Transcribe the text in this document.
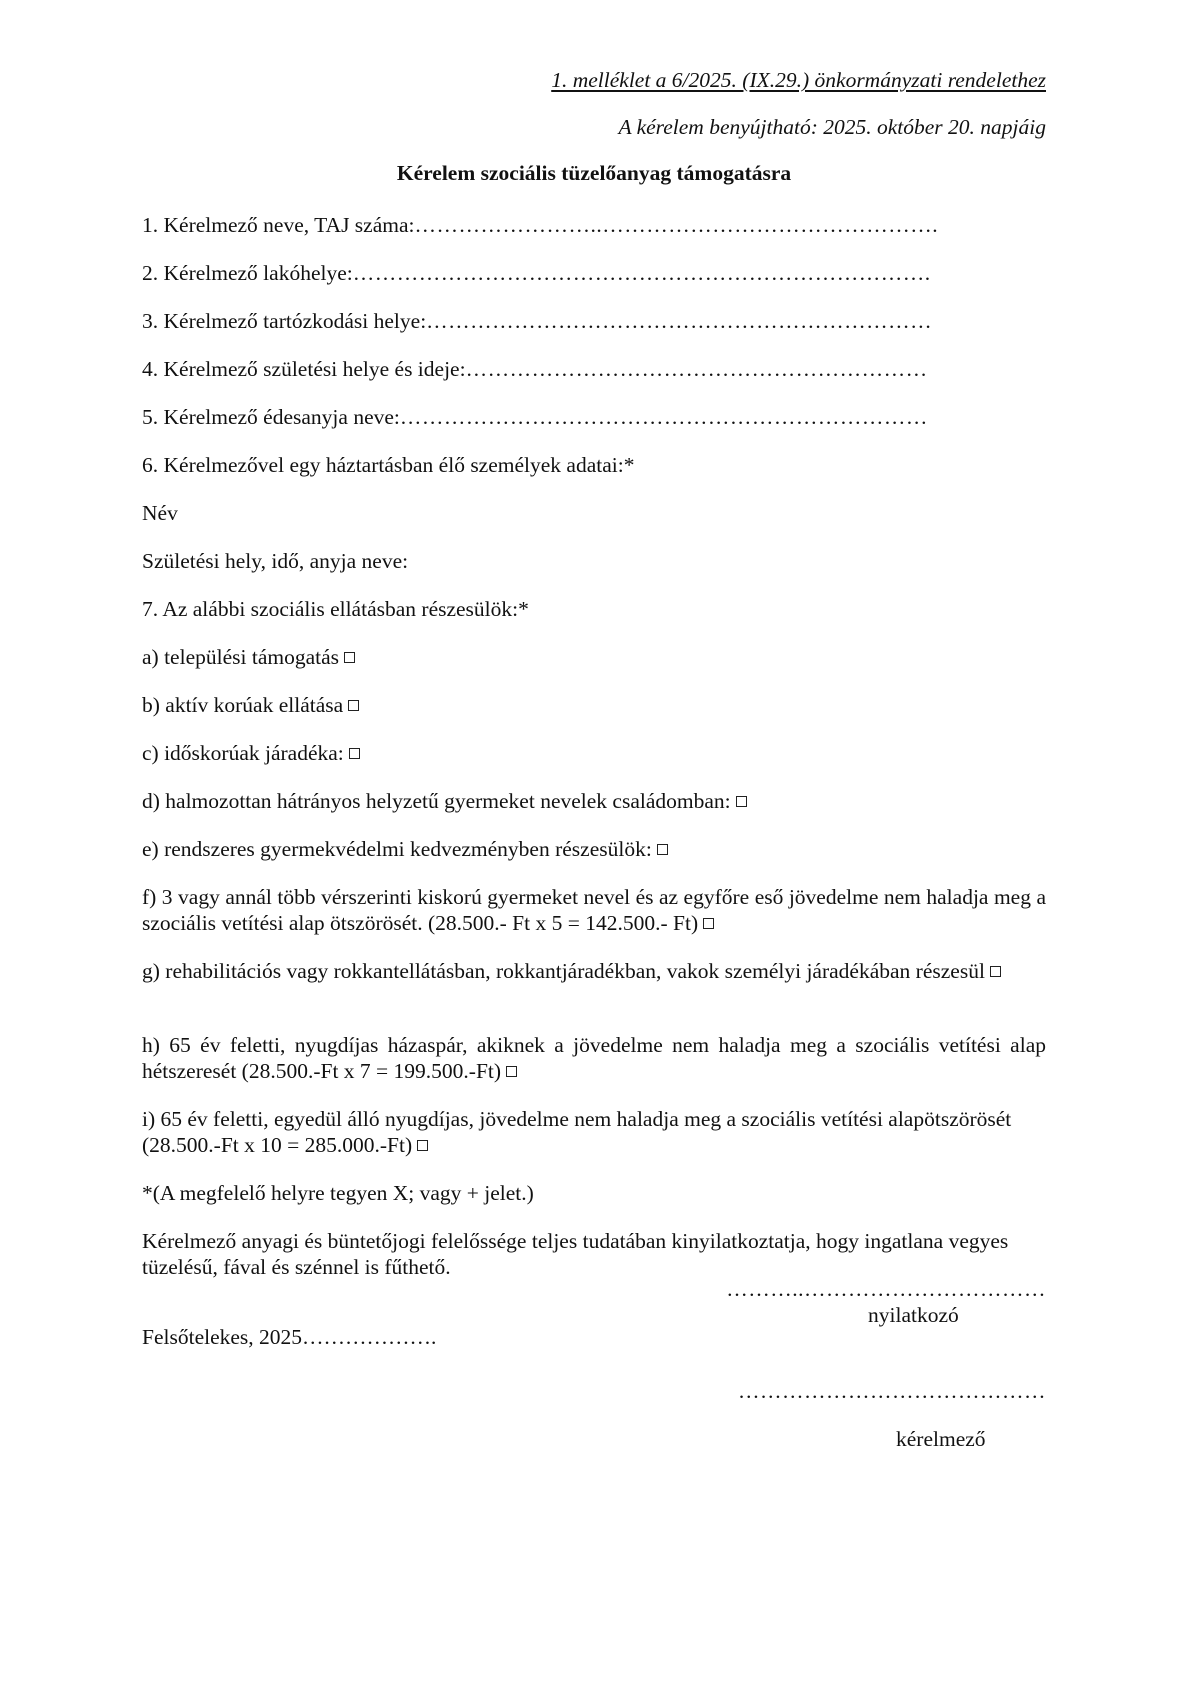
1. melléklet a 6/2025. (IX.29.) önkormányzati rendelethez
A kérelem benyújtható: 2025. október 20. napjáig
Kérelem szociális tüzelőanyag támogatásra
1. Kérelmező neve, TAJ száma:……………………..……………………………………….
2. Kérelmező lakóhelye:…………………………………………………………………….
3. Kérelmező tartózkodási helye:……………………………………………………………
4. Kérelmező születési helye és ideje:………………………………………………………
5. Kérelmező édesanyja neve:………………………………………………………………
6. Kérelmezővel egy háztartásban élő személyek adatai:*
Név
Születési hely, idő, anyja neve:
7. Az alábbi szociális ellátásban részesülök:*
a) települési támogatás
b) aktív korúak ellátása
c) időskorúak járadéka:
d) halmozottan hátrányos helyzetű gyermeket nevelek családomban:
e) rendszeres gyermekvédelmi kedvezményben részesülök:
f) 3 vagy annál több vérszerinti kiskorú gyermeket nevel és az egyfőre eső jövedelme nem haladja meg a szociális vetítési alap ötszörösét. (28.500.- Ft x 5 = 142.500.- Ft)
g) rehabilitációs vagy rokkantellátásban, rokkantjáradékban, vakok személyi járadékában részesül
h) 65 év feletti, nyugdíjas házaspár, akiknek a jövedelme nem haladja meg a szociális vetítési alap hétszeresét (28.500.-Ft x 7 = 199.500.-Ft)
i) 65 év feletti, egyedül álló nyugdíjas, jövedelme nem haladja meg a szociális vetítési alapötszörösét (28.500.-Ft x 10 = 285.000.-Ft)
*(A megfelelő helyre tegyen X; vagy + jelet.)
Kérelmező anyagi és büntetőjogi felelőssége teljes tudatában kinyilatkoztatja, hogy ingatlana vegyes tüzelésű, fával és szénnel is fűthető.
………..……………………………
nyilatkozó
Felsőtelekes, 2025……………….
……………………………………
kérelmező
